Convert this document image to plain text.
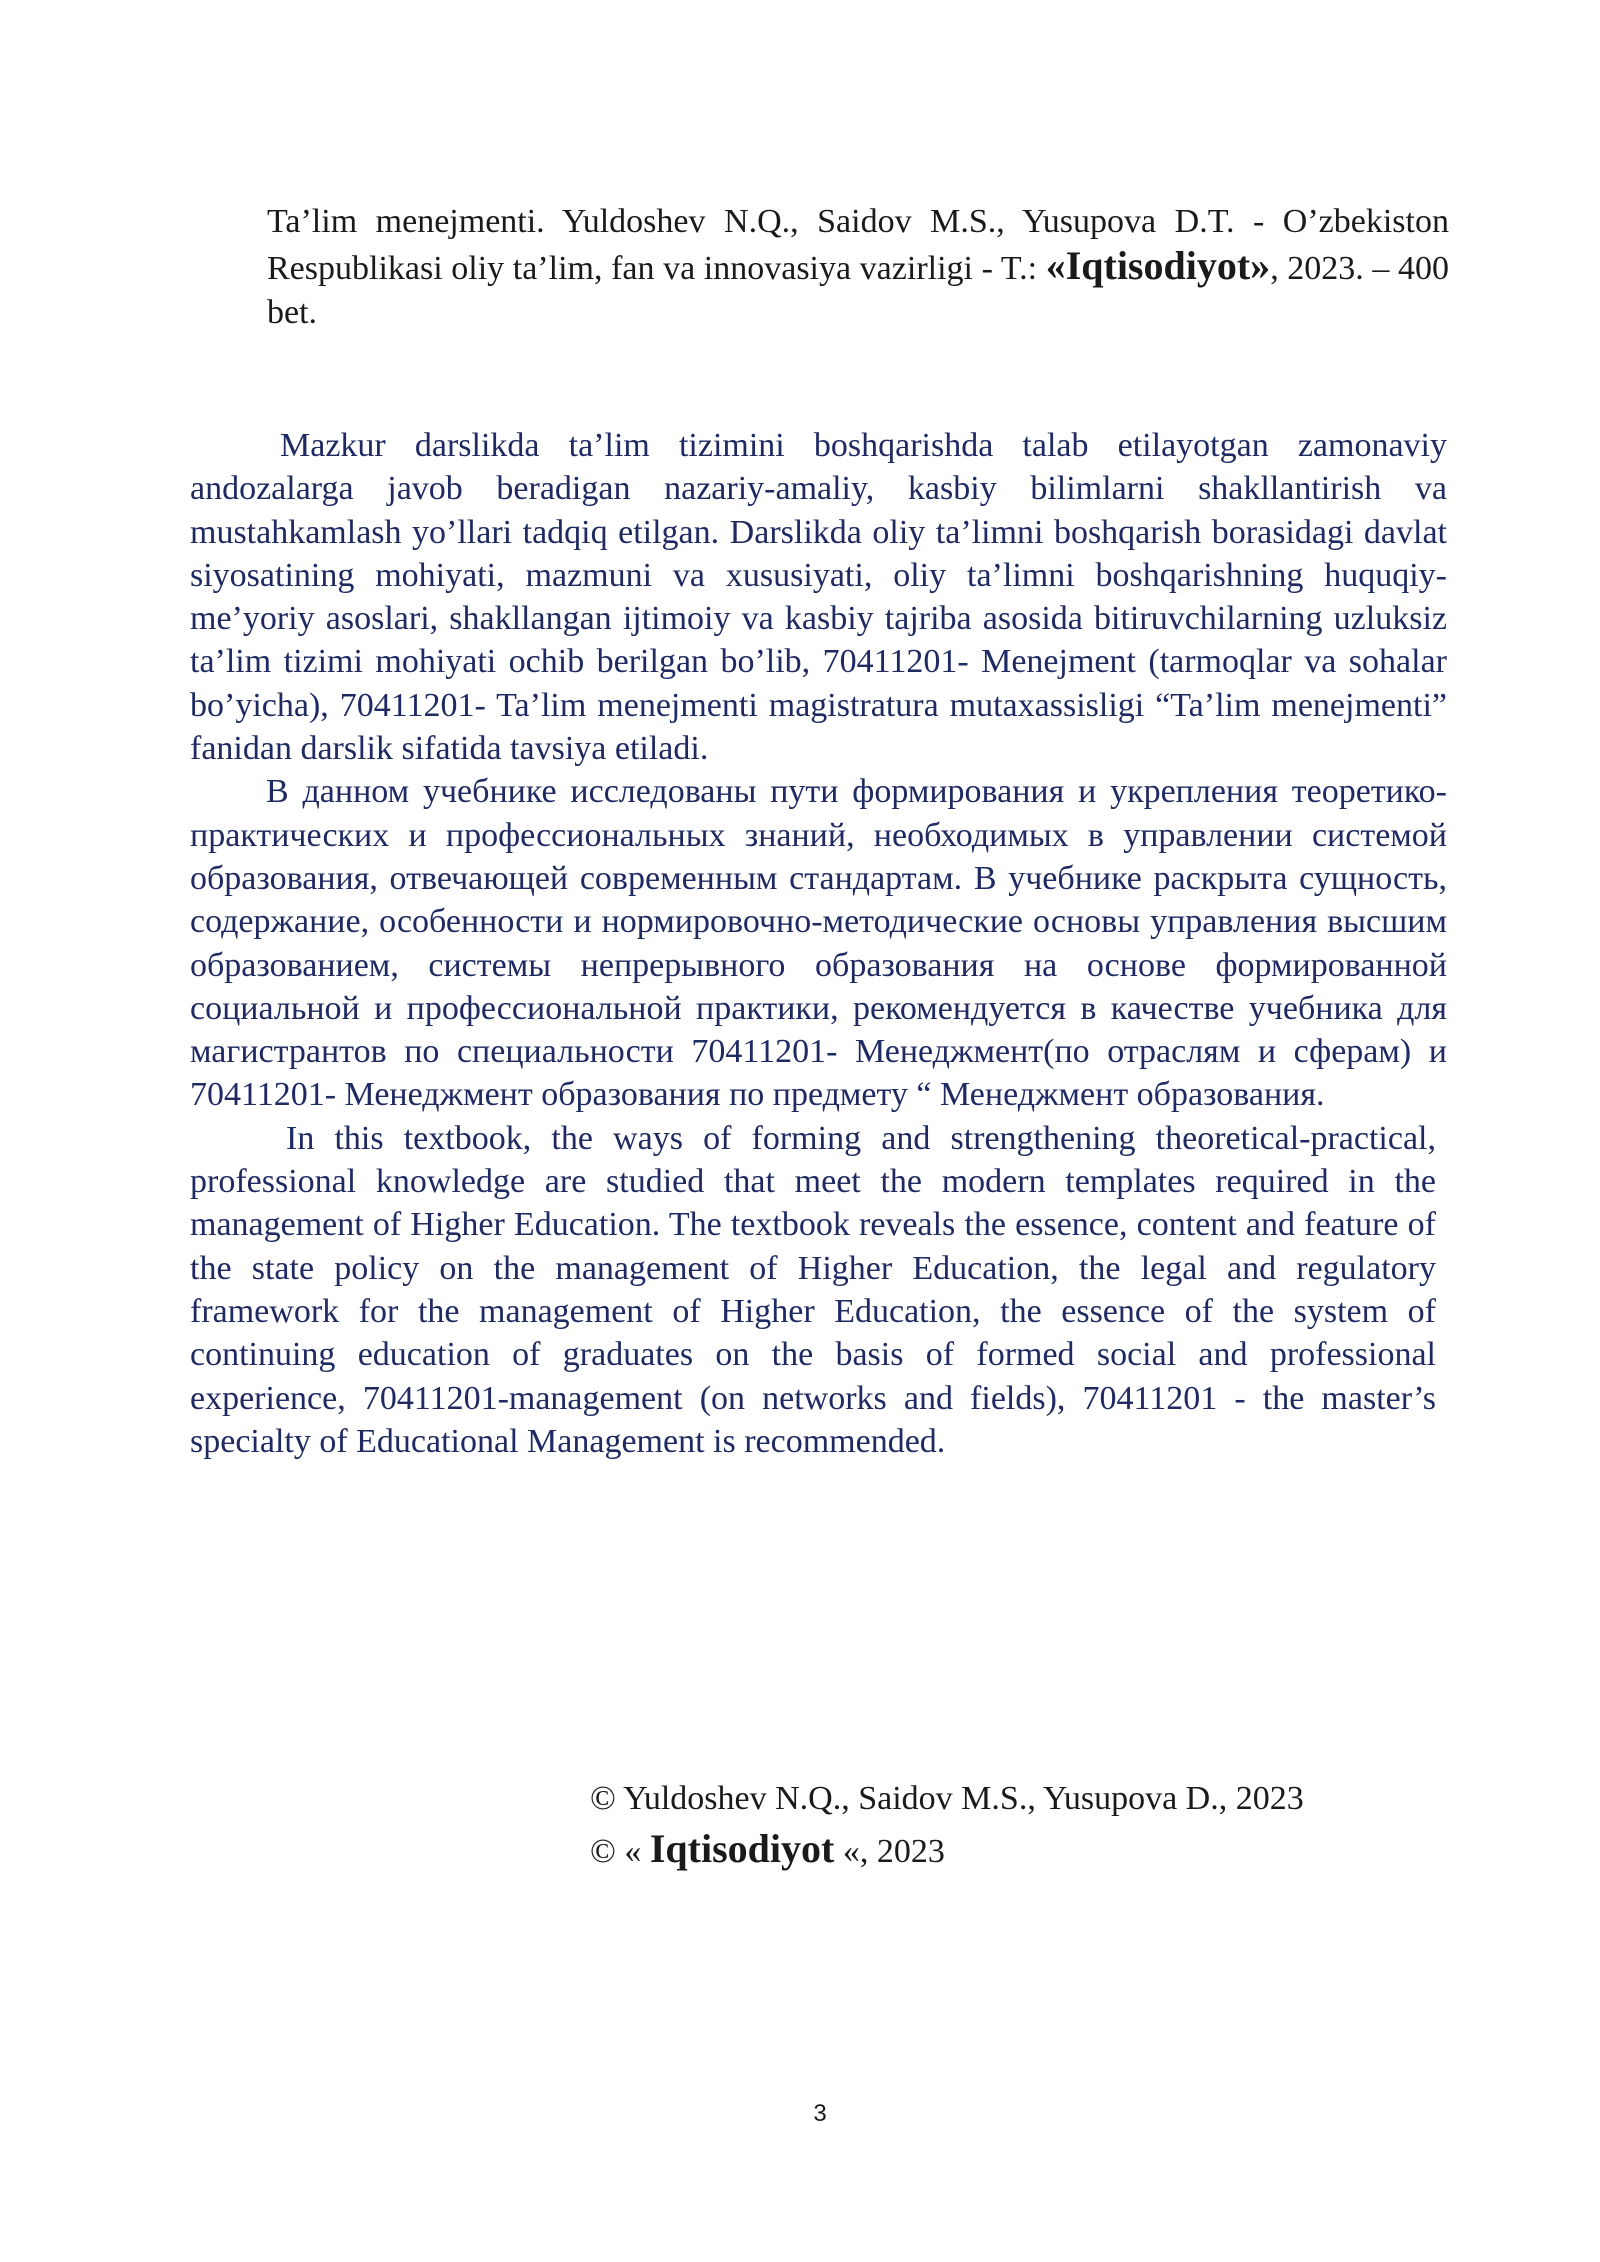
Ta’lim menejmenti. Yuldoshev N.Q., Saidov M.S., Yusupova D.T. - O’zbekiston Respublikasi oliy ta’lim, fan va innovasiya vazirligi - T.: «Iqtisodiyot», 2023. – 400 bet.

Mazkur darslikda ta’lim tizimini boshqarishda talab etilayotgan zamonaviy andozalarga javob beradigan nazariy-amaliy, kasbiy bilimlarni shakllantirish va mustahkamlash yo’llari tadqiq etilgan. Darslikda oliy ta’limni boshqarish borasidagi davlat siyosatining mohiyati, mazmuni va xususiyati, oliy ta’limni boshqarishning huquqiy-me’yoriy asoslari, shakllangan ijtimoiy va kasbiy tajriba asosida bitiruvchilarning uzluksiz ta’lim tizimi mohiyati ochib berilgan bo’lib, 70411201- Menejment (tarmoqlar va sohalar bo’yicha), 70411201- Ta’lim menejmenti magistratura mutaxassisligi “Ta’lim menejmenti” fanidan darslik sifatida tavsiya etiladi.

В данном учебнике исследованы пути формирования и укрепления теоретико-практических и профессиональных знаний, необходимых в управлении системой образования, отвечающей современным стандартам. В учебнике раскрыта сущность, содержание, особенности и нормировочно-методические основы управления высшим образованием, системы непрерывного образования на основе формированной социальной и профессиональной практики, рекомендуется в качестве учебника для магистрантов по специальности 70411201- Менеджмент(по отраслям и сферам) и 70411201- Менеджмент образования по предмету “ Менеджмент образования.

In this textbook, the ways of forming and strengthening theoretical-practical, professional knowledge are studied that meet the modern templates required in the management of Higher Education. The textbook reveals the essence, content and feature of the state policy on the management of Higher Education, the legal and regulatory framework for the management of Higher Education, the essence of the system of continuing education of graduates on the basis of formed social and professional experience, 70411201-management (on networks and fields), 70411201 - the master’s specialty of Educational Management is recommended.

© Yuldoshev N.Q., Saidov M.S., Yusupova D., 2023
© « Iqtisodiyot «, 2023
3
